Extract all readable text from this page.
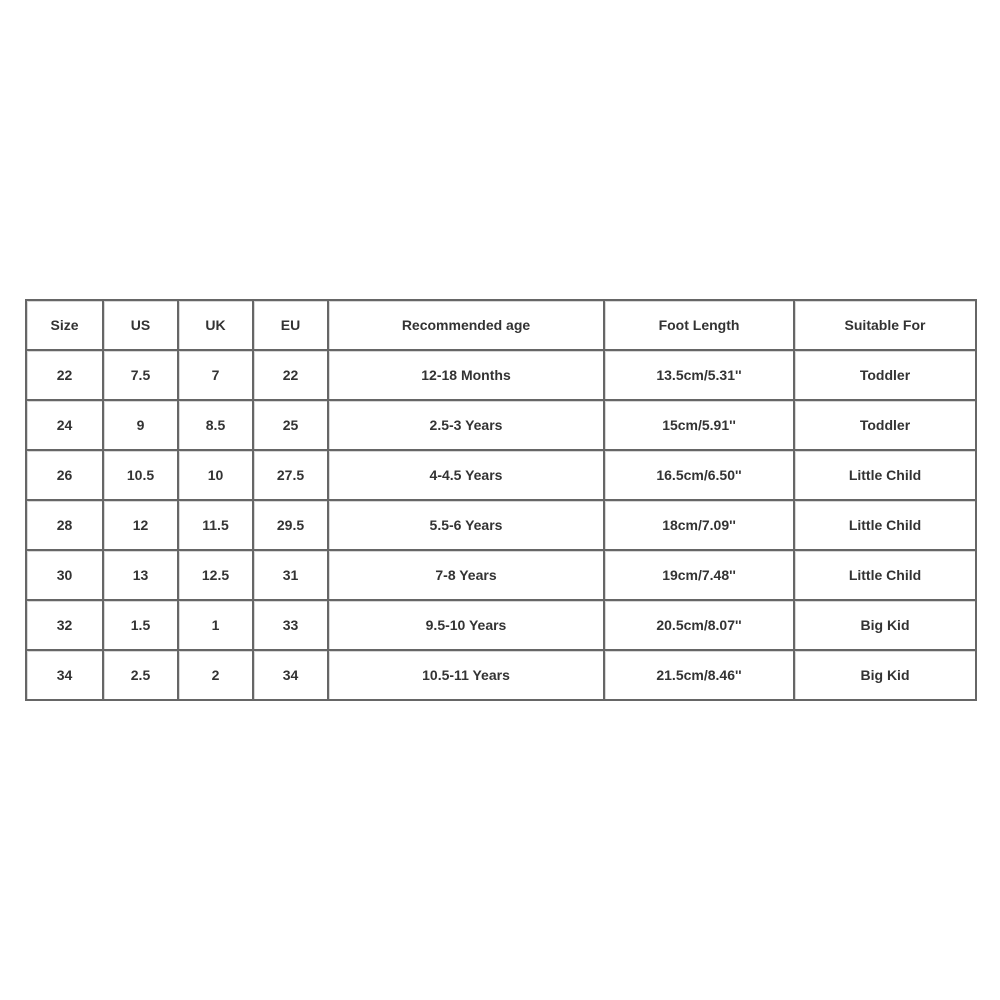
Size	US	UK	EU	Recommended age	Foot Length	Suitable For
22	7.5	7	22	12-18 Months	13.5cm/5.31''	Toddler
24	9	8.5	25	2.5-3 Years	15cm/5.91''	Toddler
26	10.5	10	27.5	4-4.5 Years	16.5cm/6.50''	Little Child
28	12	11.5	29.5	5.5-6 Years	18cm/7.09''	Little Child
30	13	12.5	31	7-8 Years	19cm/7.48''	Little Child
32	1.5	1	33	9.5-10 Years	20.5cm/8.07''	Big Kid
34	2.5	2	34	10.5-11 Years	21.5cm/8.46''	Big Kid
